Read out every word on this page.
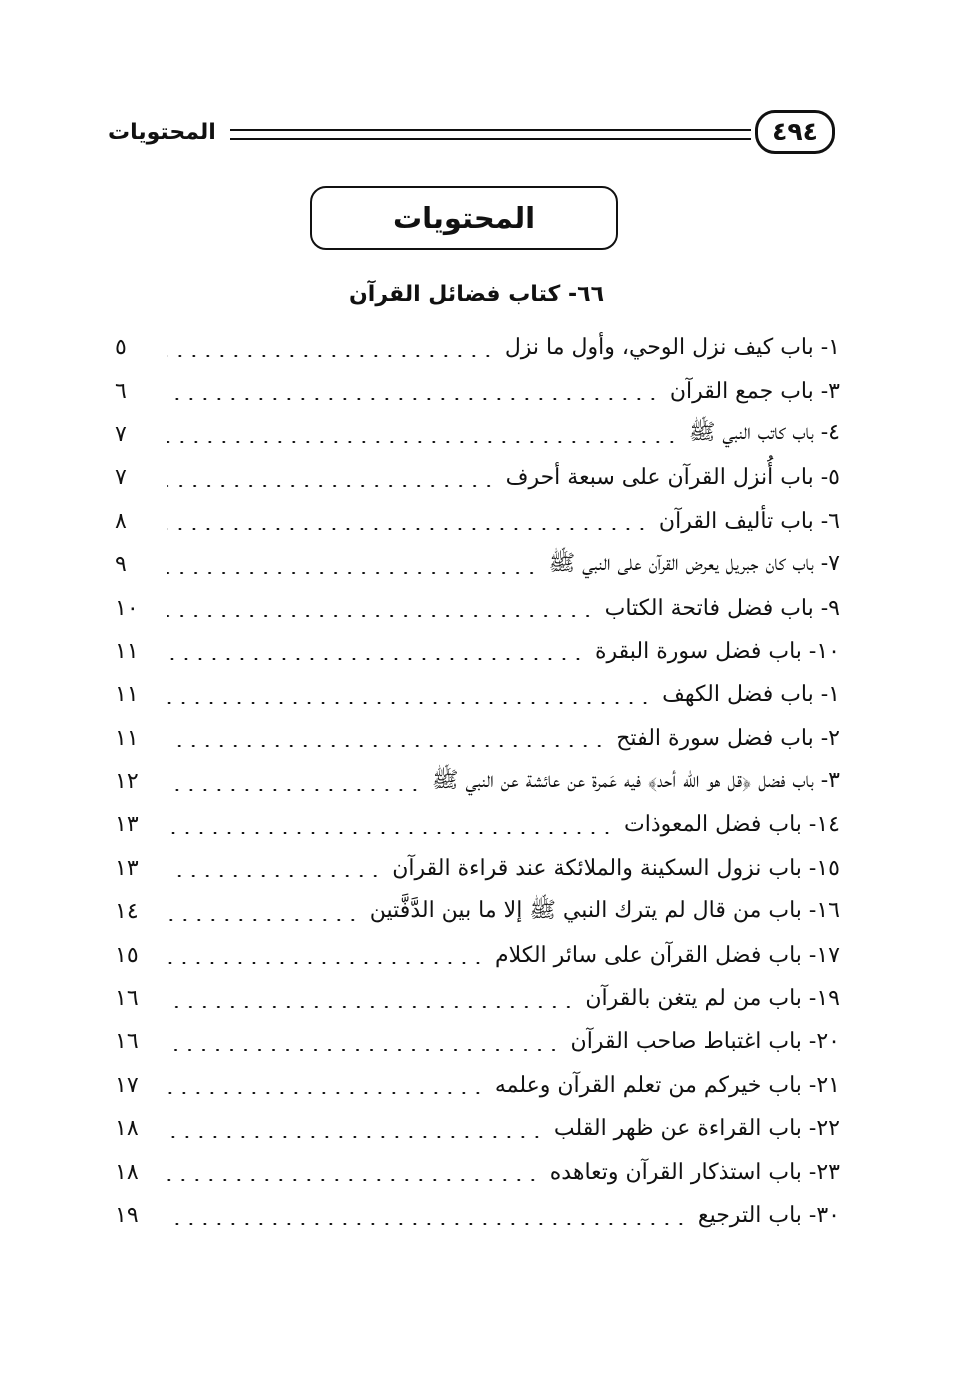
المحتويات	٤٩٤
المحتويات
٦٦- كتاب فضائل القرآن
١- باب كيف نزل الوحي، وأول ما نزل
٥
٣- باب جمع القرآن
٦
٤- باب كاتب النبي ﷺ
٧
٥- باب أُنزل القرآن على سبعة أحرف
٧
٦- باب تأليف القرآن
٨
٧- باب كان جبريل يعرض القرآن على النبي ﷺ
٩
٩- باب فضل فاتحة الكتاب
١٠
١٠- باب فضل سورة البقرة
١١
١- باب فضل الكهف
١١
٢- باب فضل سورة الفتح
١١
٣- باب فضل ﴿قل هو الله أحد﴾ فيه عَمرة عن عائشة عن النبي ﷺ
١٢
١٤- باب فضل المعوذات
١٣
١٥- باب نزول السكينة والملائكة عند قراءة القرآن
١٣
١٦- باب من قال لم يترك النبي ﷺ إلا ما بين الدَّفَّتين
١٤
١٧- باب فضل القرآن على سائر الكلام
١٥
١٩- باب من لم يتغن بالقرآن
١٦
٢٠- باب اغتباط صاحب القرآن
١٦
٢١- باب خيركم من تعلم القرآن وعلمه
١٧
٢٢- باب القراءة عن ظهر القلب
١٨
٢٣- باب استذكار القرآن وتعاهده
١٨
٣٠- باب الترجيع
١٩
